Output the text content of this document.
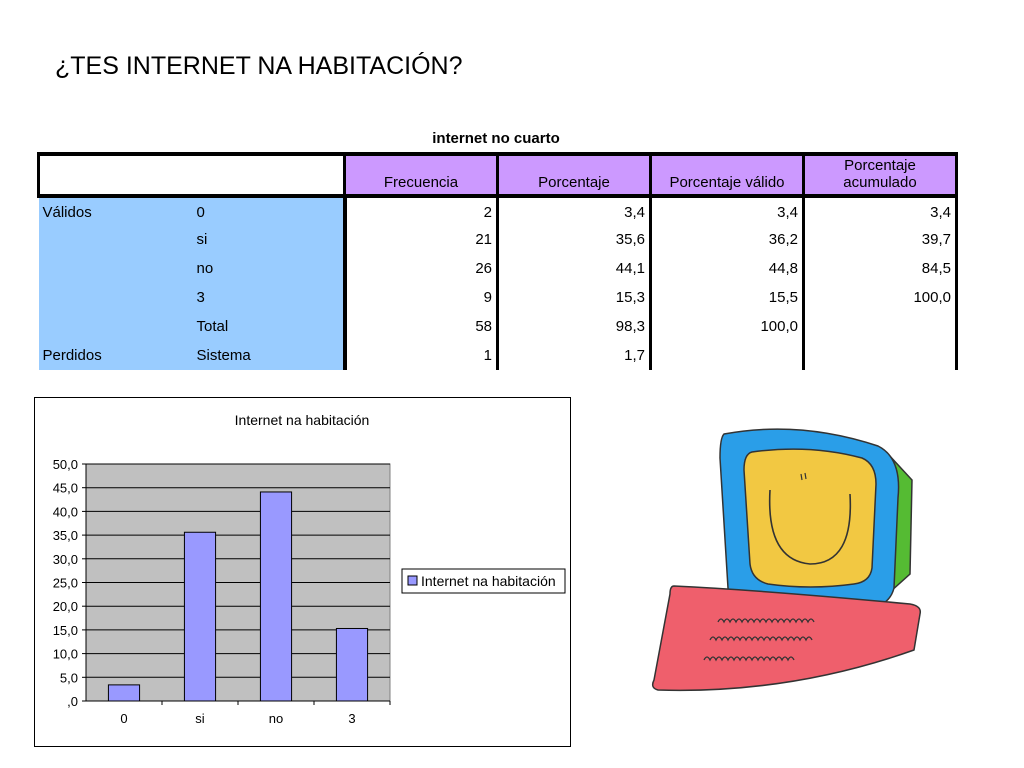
¿TES INTERNET NA HABITACIÓN?
internet no cuarto
		Frecuencia	Porcentaje	Porcentaje válido	Porcentaje acumulado
Válidos	0	2	3,4	3,4	3,4
	si	21	35,6	36,2	39,7
	no	26	44,1	44,8	84,5
	3	9	15,3	15,5	100,0
	Total	58	98,3	100,0	
Perdidos	Sistema	1	1,7		
Internet na habitación
,0
5,0
10,0
15,0
20,0
25,0
30,0
35,0
40,0
45,0
50,0
0	si	no	3
Internet na habitación
